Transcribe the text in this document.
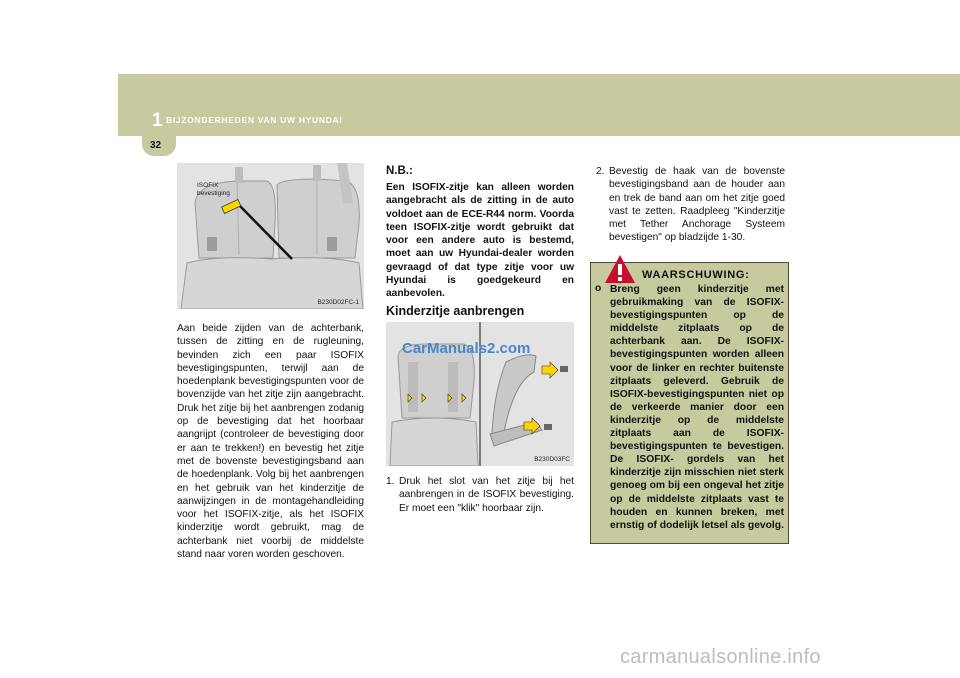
1 BIJZONDERHEDEN VAN UW HYUNDAI
32
ISOFIX
bevestiging
B230D02FC-1
Aan beide zijden van de achterbank, tussen de zitting en de rugleuning, bevinden zich een paar ISOFIX bevestigingspunten, terwijl aan de hoedenplank bevestigingspunten voor de bovenzijde van het zitje zijn aangebracht. Druk het zitje bij het aanbrengen zodanig op de bevestiging dat het hoorbaar aangrijpt (controleer de bevestiging door er aan te trekken!) en bevestig het zitje met de bovenste bevestigingsband aan de hoedenplank. Volg bij het aanbrengen en het gebruik van het kinderzitje de aanwijzingen in de montagehandleiding voor het ISOFIX-zitje, als het ISOFIX kinderzitje wordt gebruikt, mag de achterbank niet voorbij de middelste stand naar voren worden geschoven.
N.B.:
Een ISOFIX-zitje kan alleen worden aangebracht als de zitting in de auto voldoet aan de ECE-R44 norm. Voorda teen ISOFIX-zitje wordt gebruikt dat voor een andere auto is bestemd, moet aan uw Hyundai-dealer worden gevraagd of dat type zitje voor uw Hyundai is goedgekeurd en aanbevolen.
Kinderzitje aanbrengen
B230D03FC
CarManuals2.com
1. Druk het slot van het zitje bij het aanbrengen in de ISOFIX bevestiging. Er moet een "klik" hoorbaar zijn.
2. Bevestig de haak van de bovenste bevestigingsband aan de houder aan en trek de band aan om het zitje goed vast te zetten. Raadpleeg "Kinderzitje met Tether Anchorage Systeem bevestigen" op bladzijde 1-30.
WAARSCHUWING:
o Breng geen kinderzitje met gebruikmaking van de ISOFIX-bevestigingspunten op de middelste zitplaats op de achterbank aan. De ISOFIX-bevestigingspunten worden alleen voor de linker en rechter buitenste zitplaats geleverd. Gebruik de ISOFIX-bevestigingspunten niet op de verkeerde manier door een kinderzitje op de middelste zitplaats aan de ISOFIX-bevestigingspunten te bevestigen. De ISOFIX- gordels van het kinderzitje zijn misschien niet sterk genoeg om bij een ongeval het zitje op de middelste zitplaats vast te houden en kunnen breken, met ernstig of dodelijk letsel als gevolg.
carmanualsonline.info
